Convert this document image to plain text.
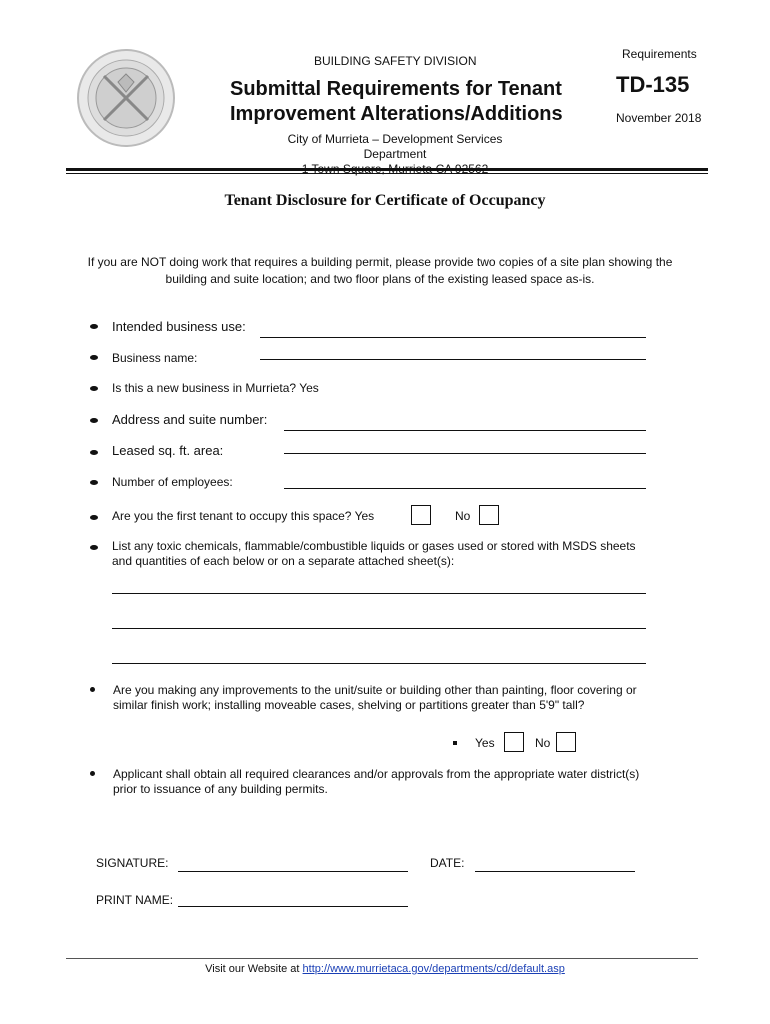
BUILDING SAFETY DIVISION
Submittal Requirements for Tenant
Improvement Alterations/Additions
City of Murrieta – Development Services Department
Requirements
TD-135
November 2018
Tenant Disclosure for Certificate of Occupancy
If you are NOT doing work that requires a building permit, please provide two copies of a site plan showing the building and suite location; and two floor plans of the existing leased space as-is.
Intended business use:
Business name:
Is this a new business in Murrieta? Yes
Address and suite number:
Leased sq. ft. area:
Number of employees:
Are you the first tenant to occupy this space? Yes	No
List any toxic chemicals, flammable/combustible liquids or gases used or stored with MSDS sheets and quantities of each below or on a separate attached sheet(s):
Are you making any improvements to the unit/suite or building other than painting, floor covering or similar finish work; installing moveable cases, shelving or partitions greater than 5'9" tall?
Yes	No
Applicant shall obtain all required clearances and/or approvals from the appropriate water district(s) prior to issuance of any building permits.
SIGNATURE:	DATE:
PRINT NAME:
Visit our Website at http://www.murrietaca.gov/departments/cd/default.asp
